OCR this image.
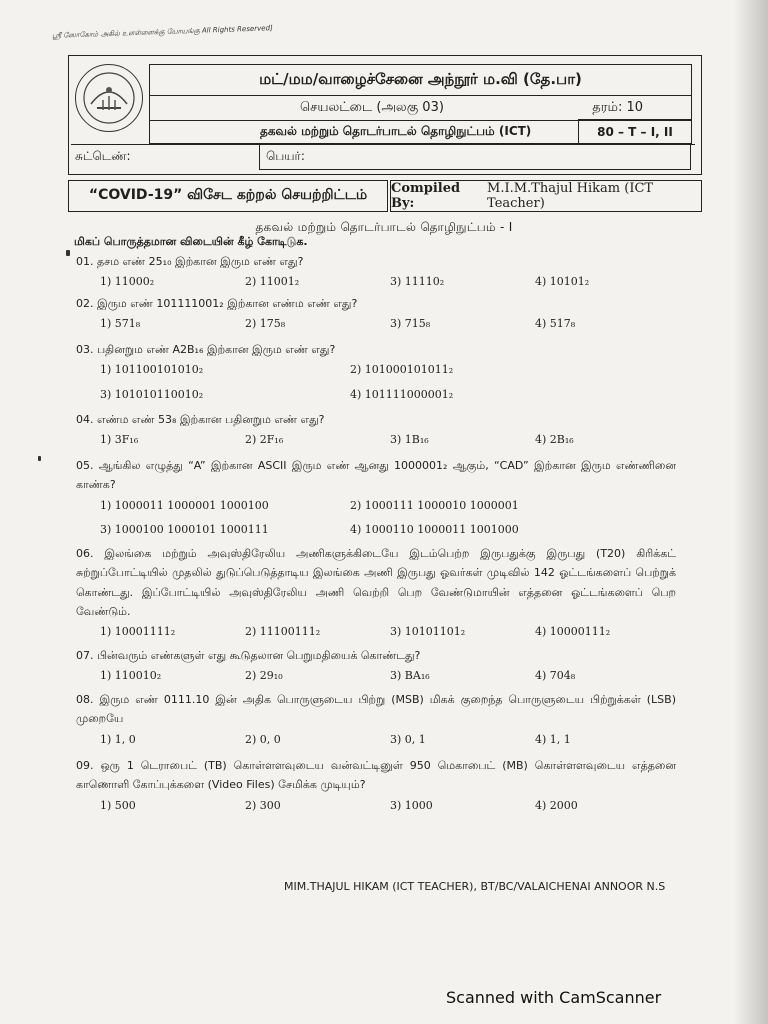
ஸ்ரீ ஸோகோம் அகில் உளள்ளைக்கு யோயங்கு All Rights Reserved]
மட்/மம/வாழைச்சேனை அந்நூர் ம.வி (தே.பா)
செயலட்டை (அலகு 03)	தரம்: 10
தகவல் மற்றும் தொடர்பாடல் தொழிநுட்பம் (ICT)	80 – T – I, II
சுட்டெண்:	பெயர்:
“COVID-19” விசேட கற்றல் செயற்றிட்டம்	Compiled By:
M.I.M.Thajul Hikam (ICT Teacher)
தகவல் மற்றும் தொடர்பாடல் தொழிநுட்பம் - I
மிகப் பொருத்தமான விடையின் கீழ் கோடிடுக.
01. தசம எண் 25₁₀ இற்கான இரும எண் எது?
1) 11000₂	2) 11001₂	3) 11110₂	4) 10101₂
02. இரும எண் 101111001₂ இற்கான எண்ம எண் எது?
1) 571₈	2) 175₈	3) 715₈	4) 517₈
03. பதினறும எண் A2B₁₆ இற்கான இரும எண் எது?
1) 101100101010₂	2) 101000101011₂
3) 101010110010₂	4) 101111000001₂
04. எண்ம எண் 53₈ இற்கான பதினறும எண் எது?
1) 3F₁₆	2) 2F₁₆	3) 1B₁₆	4) 2B₁₆
05. ஆங்கில எழுத்து “A” இற்கான ASCII இரும எண் ஆனது 1000001₂ ஆகும், “CAD” இற்கான இரும எண்ணினை காண்க?
1) 1000011 1000001 1000100	2) 1000111 1000010 1000001
3) 1000100 1000101 1000111	4) 1000110 1000011 1001000
06. இலங்கை மற்றும் அவுஸ்திரேலிய அணிகளுக்கிடையே இடம்பெற்ற இருபதுக்கு இருபது (T20) கிரிக்கட் சுற்றுப்போட்டியில் முதலில் துடுப்பெடுத்தாடிய இலங்கை அணி இருபது ஓவர்கள் முடிவில் 142 ஓட்டங்களைப் பெற்றுக் கொண்டது. இப்போட்டியில் அவுஸ்திரேலிய அணி வெற்றி பெற வேண்டுமாயின் எத்தனை ஓட்டங்களைப் பெற வேண்டும்.
1) 10001111₂	2) 11100111₂	3) 10101101₂	4) 10000111₂
07. பின்வரும் எண்களுள் எது கூடுதலான பெறுமதியைக் கொண்டது?
1) 110010₂	2) 29₁₀	3) BA₁₆	4) 704₈
08. இரும எண் 0111.10 இன் அதிக பொருளுடைய பிற்று (MSB) மிகக் குறைந்த பொருளுடைய பிற்றுக்கள் (LSB) முறையே
1) 1, 0	2) 0, 0	3) 0, 1	4) 1, 1
09. ஒரு 1 டெராபைட் (TB) கொள்ளளவுடைய வன்வட்டினுள் 950 மெகாபைட் (MB) கொள்ளளவுடைய எத்தனை காணொளி கோப்புக்களை (Video Files) சேமிக்க முடியும்?
1) 500	2) 300	3) 1000	4) 2000
MIM.THAJUL HIKAM (ICT TEACHER), BT/BC/VALAICHENAI ANNOOR N.S
Scanned with CamScanner
